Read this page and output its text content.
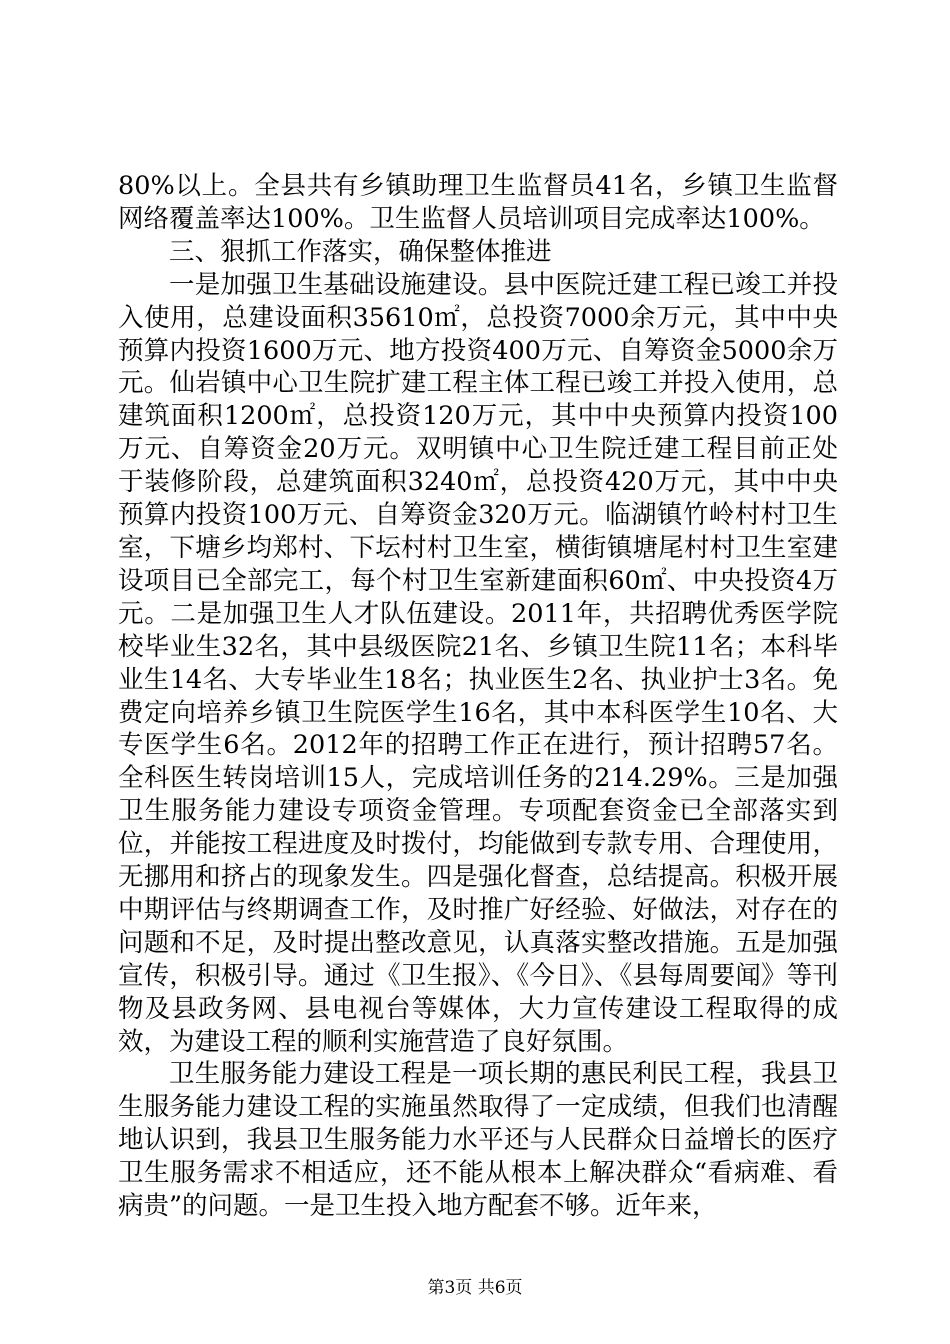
80%以上。全县共有乡镇助理卫生监督员41名，乡镇卫生监督网络覆盖率达100%。卫生监督人员培训项目完成率达100%。

三、狠抓工作落实，确保整体推进

一是加强卫生基础设施建设。县中医院迁建工程已竣工并投入使用，总建设面积35610㎡，总投资7000余万元，其中中央预算内投资1600万元、地方投资400万元、自筹资金5000余万元。仙岩镇中心卫生院扩建工程主体工程已竣工并投入使用，总建筑面积1200㎡，总投资120万元，其中中央预算内投资100万元、自筹资金20万元。双明镇中心卫生院迁建工程目前正处于装修阶段，总建筑面积3240㎡，总投资420万元，其中中央预算内投资100万元、自筹资金320万元。临湖镇竹岭村村卫生室，下塘乡均郑村、下坛村村卫生室，横街镇塘尾村村卫生室建设项目已全部完工，每个村卫生室新建面积60㎡、中央投资4万元。二是加强卫生人才队伍建设。2011年，共招聘优秀医学院校毕业生32名，其中县级医院21名、乡镇卫生院11名；本科毕业生14名、大专毕业生18名；执业医生2名、执业护士3名。免费定向培养乡镇卫生院医学生16名，其中本科医学生10名、大专医学生6名。2012年的招聘工作正在进行，预计招聘57名。全科医生转岗培训15人，完成培训任务的214.29%。三是加强卫生服务能力建设专项资金管理。专项配套资金已全部落实到位，并能按工程进度及时拨付，均能做到专款专用、合理使用，无挪用和挤占的现象发生。四是强化督查，总结提高。积极开展中期评估与终期调查工作，及时推广好经验、好做法，对存在的问题和不足，及时提出整改意见，认真落实整改措施。五是加强宣传，积极引导。通过《卫生报》、《今日》、《县每周要闻》等刊物及县政务网、县电视台等媒体，大力宣传建设工程取得的成效，为建设工程的顺利实施营造了良好氛围。

卫生服务能力建设工程是一项长期的惠民利民工程，我县卫生服务能力建设工程的实施虽然取得了一定成绩，但我们也清醒地认识到，我县卫生服务能力水平还与人民群众日益增长的医疗卫生服务需求不相适应，还不能从根本上解决群众“看病难、看病贵”的问题。一是卫生投入地方配套不够。近年来，

第3页 共6页
